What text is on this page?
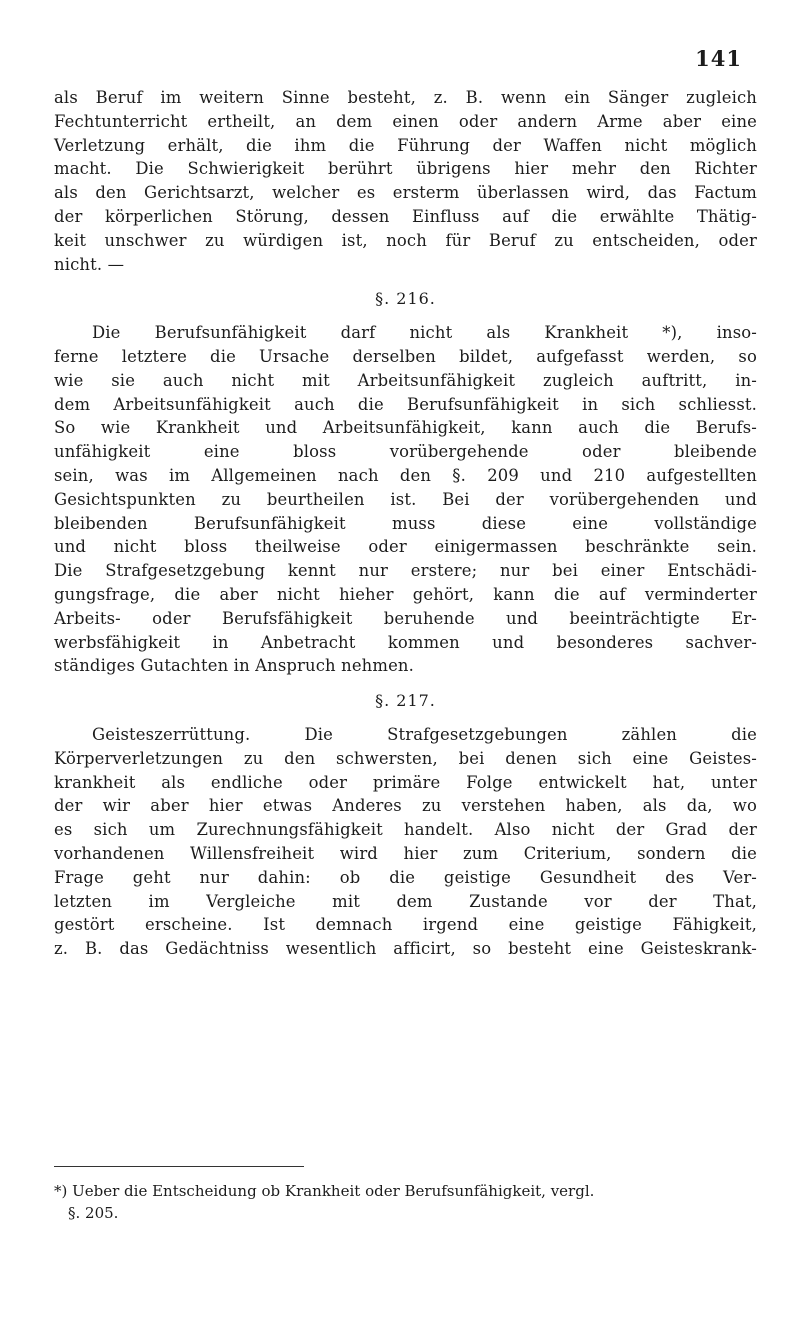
141
als Beruf im weitern Sinne besteht, z. B. wenn ein Sänger zugleich
Fechtunterricht ertheilt, an dem einen oder andern Arme aber eine
Verletzung erhält, die ihm die Führung der Waffen nicht möglich
macht. Die Schwierigkeit berührt übrigens hier mehr den Richter
als den Gerichtsarzt, welcher es ersterm überlassen wird, das Factum
der körperlichen Störung, dessen Einfluss auf die erwählte Thätig-
keit unschwer zu würdigen ist, noch für Beruf zu entscheiden, oder
nicht. —
§. 216.
Die Berufsunfähigkeit darf nicht als Krankheit *), inso-
ferne letztere die Ursache derselben bildet, aufgefasst werden, so
wie sie auch nicht mit Arbeitsunfähigkeit zugleich auftritt, in-
dem Arbeitsunfähigkeit auch die Berufsunfähigkeit in sich schliesst.
So wie Krankheit und Arbeitsunfähigkeit, kann auch die Berufs-
unfähigkeit eine bloss vorübergehende oder bleibende
sein, was im Allgemeinen nach den §. 209 und 210 aufgestellten
Gesichtspunkten zu beurtheilen ist. Bei der vorübergehenden und
bleibenden Berufsunfähigkeit muss diese eine vollständige
und nicht bloss theilweise oder einigermassen beschränkte sein.
Die Strafgesetzgebung kennt nur erstere; nur bei einer Entschädi-
gungsfrage, die aber nicht hieher gehört, kann die auf verminderter
Arbeits- oder Berufsfähigkeit beruhende und beeinträchtigte Er-
werbsfähigkeit in Anbetracht kommen und besonderes sachver-
ständiges Gutachten in Anspruch nehmen.
§. 217.
Geisteszerrüttung. Die Strafgesetzgebungen zählen die
Körperverletzungen zu den schwersten, bei denen sich eine Geistes-
krankheit als endliche oder primäre Folge entwickelt hat, unter
der wir aber hier etwas Anderes zu verstehen haben, als da, wo
es sich um Zurechnungsfähigkeit handelt. Also nicht der Grad der
vorhandenen Willensfreiheit wird hier zum Criterium, sondern die
Frage geht nur dahin: ob die geistige Gesundheit des Ver-
letzten im Vergleiche mit dem Zustande vor der That,
gestört erscheine. Ist demnach irgend eine geistige Fähigkeit,
z. B. das Gedächtniss wesentlich afficirt, so besteht eine Geisteskrank-
*) Ueber die Entscheidung ob Krankheit oder Berufsunfähigkeit, vergl.
§. 205.
